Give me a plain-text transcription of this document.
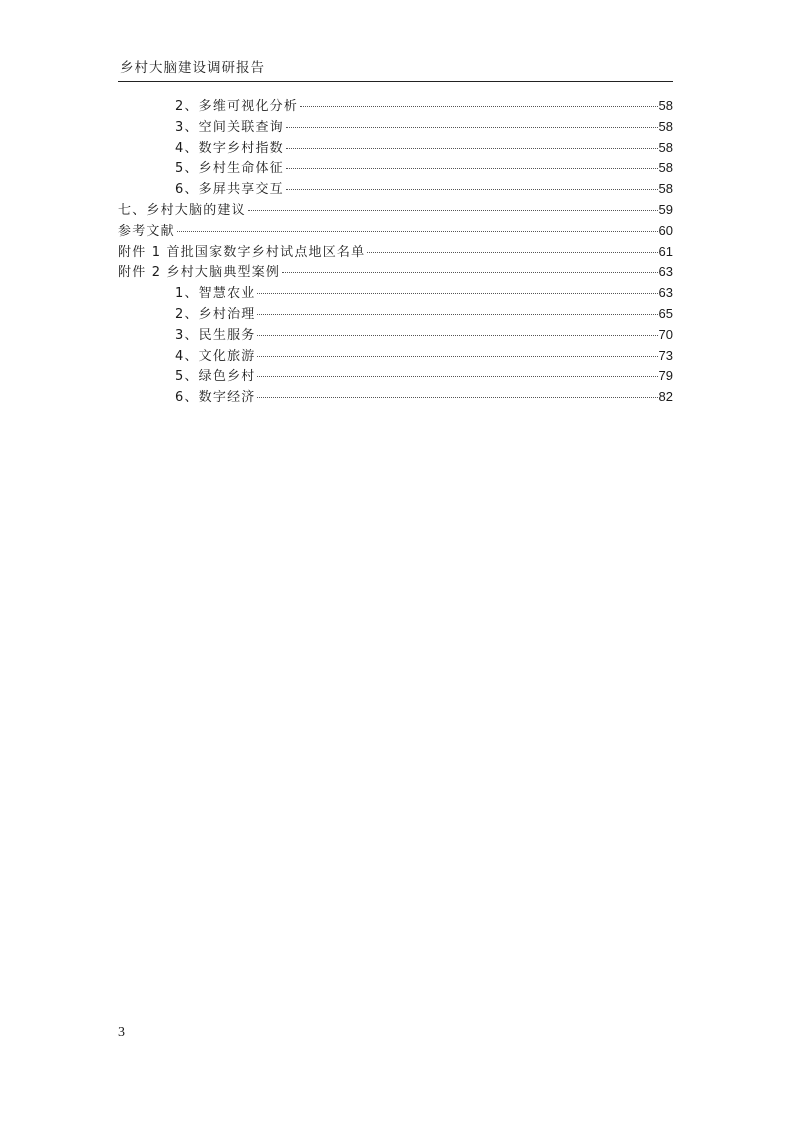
乡村大脑建设调研报告
2、多维可视化分析	58
3、空间关联查询	58
4、数字乡村指数	58
5、乡村生命体征	58
6、多屏共享交互	58
七、乡村大脑的建议	59
参考文献	60
附件 1 首批国家数字乡村试点地区名单	61
附件 2 乡村大脑典型案例	63
1、智慧农业	63
2、乡村治理	65
3、民生服务	70
4、文化旅游	73
5、绿色乡村	79
6、数字经济	82
3
